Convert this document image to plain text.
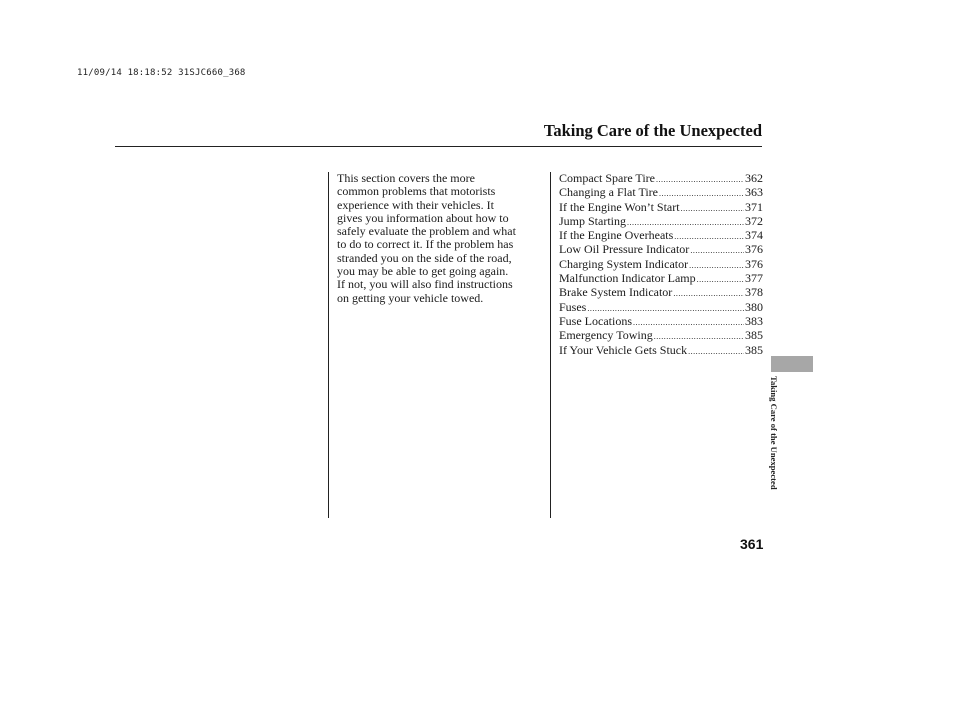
11/09/14 18:18:52 31SJC660_368
Taking Care of the Unexpected
This section covers the more
common problems that motorists
experience with their vehicles. It
gives you information about how to
safely evaluate the problem and what
to do to correct it. If the problem has
stranded you on the side of the road,
you may be able to get going again.
If not, you will also find instructions
on getting your vehicle towed.
Compact Spare Tire .....	362
Changing a Flat Tire .....	363
If the Engine Won’t Start .....	371
Jump Starting .....	372
If the Engine Overheats .....	374
Low Oil Pressure Indicator .....	376
Charging System Indicator .....	376
Malfunction Indicator Lamp .....	377
Brake System Indicator .....	378
Fuses .....	380
Fuse Locations .....	383
Emergency Towing .....	385
If Your Vehicle Gets Stuck .....	385
Taking Care of the Unexpected
361
